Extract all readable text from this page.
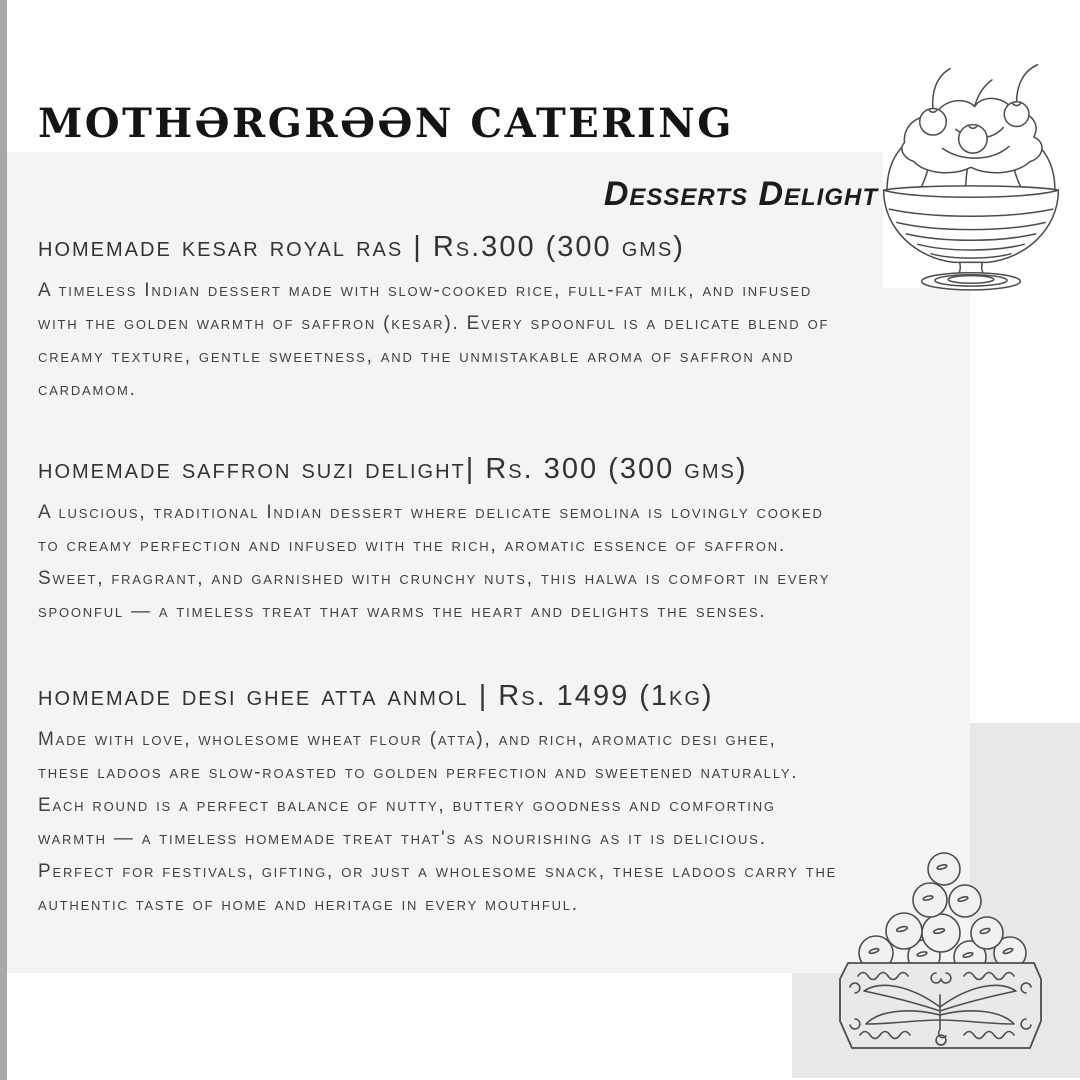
MOTHƏRGRƏƏN CATERING
Desserts Delight
homemade kesar royal ras | Rs.300 (300 gms)
A timeless Indian dessert made with slow-cooked rice, full-fat milk, and infused
with the golden warmth of saffron (kesar). Every spoonful is a delicate blend of
creamy texture, gentle sweetness, and the unmistakable aroma of saffron and
cardamom.
homemade saffron suzi delight| Rs. 300 (300 gms)
A luscious, traditional Indian dessert where delicate semolina is lovingly cooked
to creamy perfection and infused with the rich, aromatic essence of saffron.
Sweet, fragrant, and garnished with crunchy nuts, this halwa is comfort in every
spoonful — a timeless treat that warms the heart and delights the senses.
homemade desi ghee atta anmol | Rs. 1499 (1kg)
Made with love, wholesome wheat flour (atta), and rich, aromatic desi ghee,
these ladoos are slow-roasted to golden perfection and sweetened naturally.
Each round is a perfect balance of nutty, buttery goodness and comforting
warmth — a timeless homemade treat that's as nourishing as it is delicious.
Perfect for festivals, gifting, or just a wholesome snack, these ladoos carry the
authentic taste of home and heritage in every mouthful.
